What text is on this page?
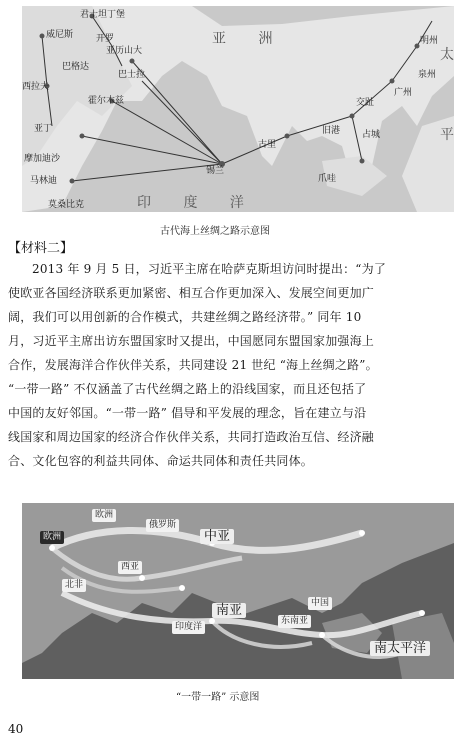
亚 洲
印 度 洋
太
平
威尼斯
君士坦丁堡
开罗
亚历山大
巴格达
巴士拉
西拉夫
霍尔木兹
亚丁
摩加迪沙
马林迪
莫桑比克
锡兰
古里
爪哇
旧港
交趾
占城
广州
泉州
明州
古代海上丝绸之路示意图
【材料二】
2013 年 9 月 5 日，习近平主席在哈萨克斯坦访问时提出：“为了
使欧亚各国经济联系更加紧密、相互合作更加深入、发展空间更加广
阔，我们可以用创新的合作模式，共建丝绸之路经济带。” 同年 10
月，习近平主席出访东盟国家时又提出，中国愿同东盟国家加强海上
合作，发展海洋合作伙伴关系，共同建设 21 世纪 “海上丝绸之路”。
“一带一路” 不仅涵盖了古代丝绸之路上的沿线国家，而且还包括了
中国的友好邻国。“一带一路” 倡导和平发展的理念，旨在建立与沿
线国家和周边国家的经济合作伙伴关系，共同打造政治互信、经济融
合、文化包容的利益共同体、命运共同体和责任共同体。
欧洲
俄罗斯
中亚
欧洲
西亚
北非
南亚
东南亚
印度洋
南太平洋
中国
“一带一路” 示意图
40
